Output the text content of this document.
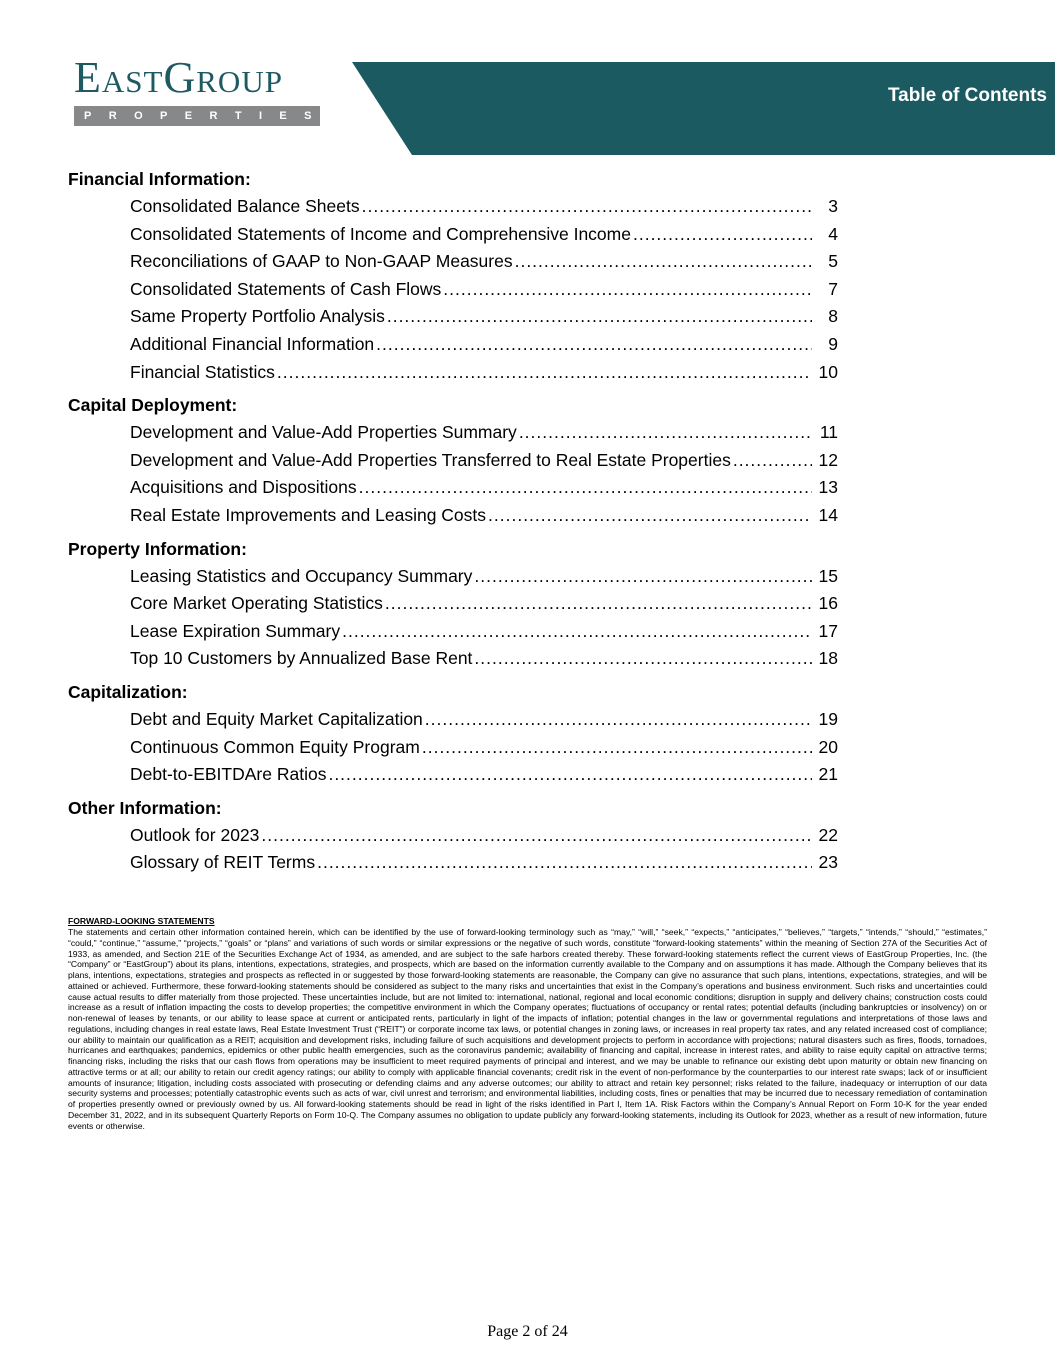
Table of Contents
EASTGROUP
PROPERTIES
Financial Information:
Consolidated Balance Sheets .....	3
Consolidated Statements of Income and Comprehensive Income .....	4
Reconciliations of GAAP to Non-GAAP Measures .....	5
Consolidated Statements of Cash Flows .....	7
Same Property Portfolio Analysis .....	8
Additional Financial Information .....	9
Financial Statistics .....	10
Capital Deployment:
Development and Value-Add Properties Summary .....	11
Development and Value-Add Properties Transferred to Real Estate Properties .....	12
Acquisitions and Dispositions .....	13
Real Estate Improvements and Leasing Costs .....	14
Property Information:
Leasing Statistics and Occupancy Summary .....	15
Core Market Operating Statistics .....	16
Lease Expiration Summary .....	17
Top 10 Customers by Annualized Base Rent .....	18
Capitalization:
Debt and Equity Market Capitalization .....	19
Continuous Common Equity Program .....	20
Debt-to-EBITDAre Ratios .....	21
Other Information:
Outlook for 2023 .....	22
Glossary of REIT Terms .....	23
FORWARD-LOOKING STATEMENTS

The statements and certain other information contained herein, which can be identified by the use of forward-looking terminology such as “may,” “will,” “seek,” “expects,” “anticipates,” “believes,” “targets,” “intends,” “should,” “estimates,” “could,” “continue,” “assume,” “projects,” “goals” or “plans” and variations of such words or similar expressions or the negative of such words, constitute “forward-looking statements” within the meaning of Section 27A of the Securities Act of 1933, as amended, and Section 21E of the Securities Exchange Act of 1934, as amended, and are subject to the safe harbors created thereby. These forward-looking statements reflect the current views of EastGroup Properties, Inc. (the “Company” or “EastGroup”) about its plans, intentions, expectations, strategies, and prospects, which are based on the information currently available to the Company and on assumptions it has made. Although the Company believes that its plans, intentions, expectations, strategies and prospects as reflected in or suggested by those forward-looking statements are reasonable, the Company can give no assurance that such plans, intentions, expectations, strategies, and will be attained or achieved. Furthermore, these forward-looking statements should be considered as subject to the many risks and uncertainties that exist in the Company’s operations and business environment. Such risks and uncertainties could cause actual results to differ materially from those projected. These uncertainties include, but are not limited to: international, national, regional and local economic conditions; disruption in supply and delivery chains; construction costs could increase as a result of inflation impacting the costs to develop properties; the competitive environment in which the Company operates; fluctuations of occupancy or rental rates; potential defaults (including bankruptcies or insolvency) on or non-renewal of leases by tenants, or our ability to lease space at current or anticipated rents, particularly in light of the impacts of inflation; potential changes in the law or governmental regulations and interpretations of those laws and regulations, including changes in real estate laws, Real Estate Investment Trust (“REIT”) or corporate income tax laws, or potential changes in zoning laws, or increases in real property tax rates, and any related increased cost of compliance; our ability to maintain our qualification as a REIT; acquisition and development risks, including failure of such acquisitions and development projects to perform in accordance with projections; natural disasters such as fires, floods, tornadoes, hurricanes and earthquakes; pandemics, epidemics or other public health emergencies, such as the coronavirus pandemic; availability of financing and capital, increase in interest rates, and ability to raise equity capital on attractive terms; financing risks, including the risks that our cash flows from operations may be insufficient to meet required payments of principal and interest, and we may be unable to refinance our existing debt upon maturity or obtain new financing on attractive terms or at all; our ability to retain our credit agency ratings; our ability to comply with applicable financial covenants; credit risk in the event of non-performance by the counterparties to our interest rate swaps; lack of or insufficient amounts of insurance; litigation, including costs associated with prosecuting or defending claims and any adverse outcomes; our ability to attract and retain key personnel; risks related to the failure, inadequacy or interruption of our data security systems and processes; potentially catastrophic events such as acts of war, civil unrest and terrorism; and environmental liabilities, including costs, fines or penalties that may be incurred due to necessary remediation of contamination of properties presently owned or previously owned by us. All forward-looking statements should be read in light of the risks identified in Part I, Item 1A. Risk Factors within the Company’s Annual Report on Form 10-K for the year ended December 31, 2022, and in its subsequent Quarterly Reports on Form 10-Q. The Company assumes no obligation to update publicly any forward-looking statements, including its Outlook for 2023, whether as a result of new information, future events or otherwise.

Page 2 of 24
